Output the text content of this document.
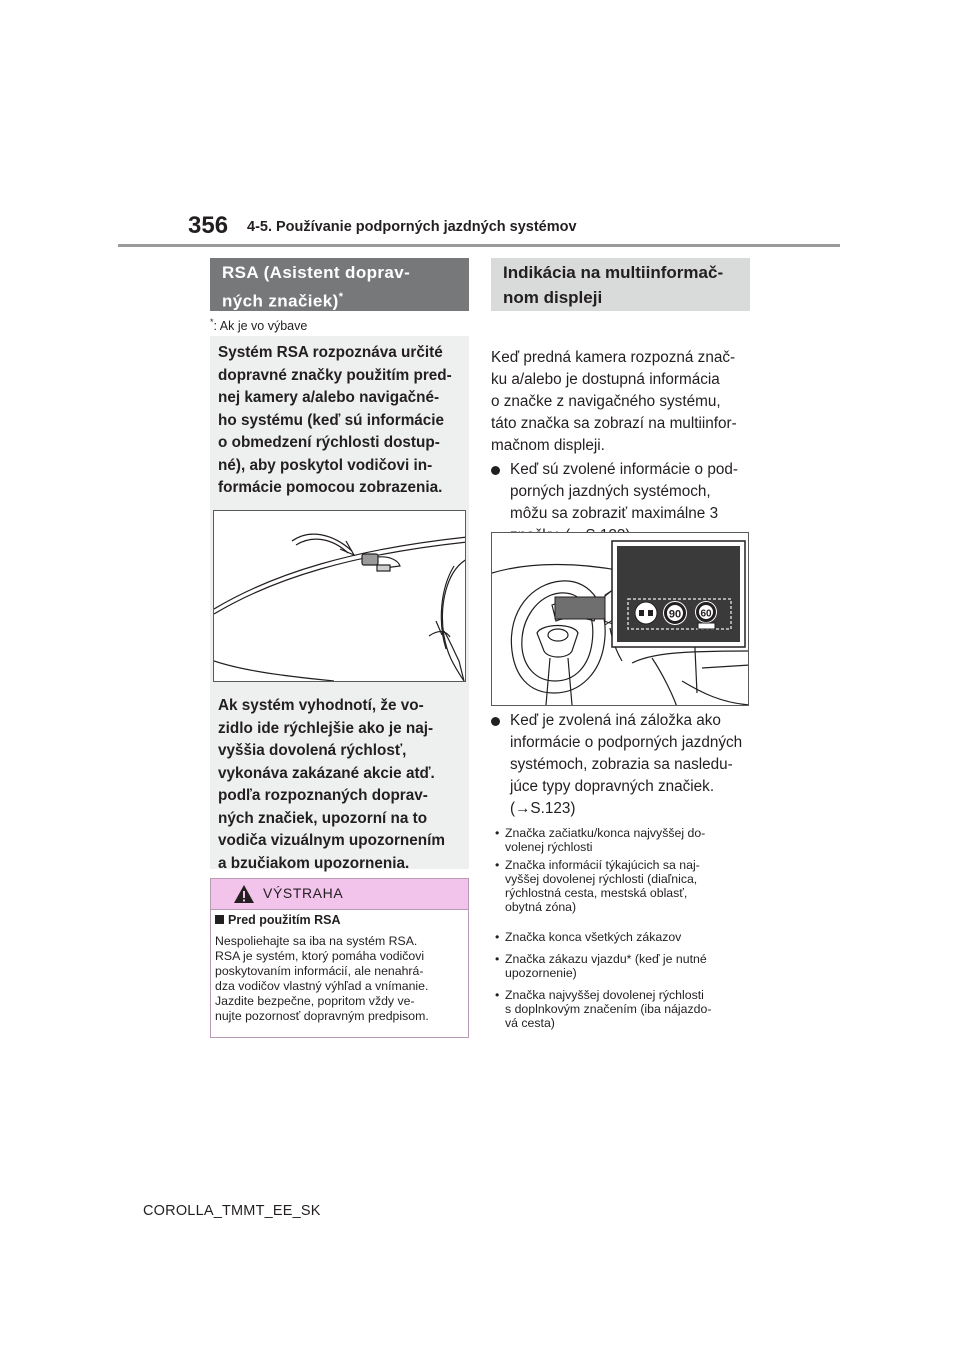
356 4-5. Používanie podporných jazdných systémov
RSA (Asistent doprav-
ných značiek)*
*: Ak je vo výbave
Systém RSA rozpoznáva určité
dopravné značky použitím pred-
nej kamery a/alebo navigačné-
ho systému (keď sú informácie
o obmedzení rýchlosti dostup-
né), aby poskytol vodičovi in-
formácie pomocou zobrazenia.
Ak systém vyhodnotí, že vo-
zidlo ide rýchlejšie ako je naj-
vyššia dovolená rýchlosť,
vykonáva zakázané akcie atď.
podľa rozpoznaných doprav-
ných značiek, upozorní na to
vodiča vizuálnym upozornením
a bzučiakom upozornenia.
VÝSTRAHA
Pred použitím RSA
Nespoliehajte sa iba na systém RSA.
RSA je systém, ktorý pomáha vodičovi
poskytovaním informácií, ale nenahrá-
dza vodičov vlastný výhľad a vnímanie.
Jazdite bezpečne, popritom vždy ve-
nujte pozornosť dopravným predpisom.
Indikácia na multiinformač-
nom displeji
Keď predná kamera rozpozná znač-
ku a/alebo je dostupná informácia
o značke z navigačného systému,
táto značka sa zobrazí na multiinfor-
mačnom displeji.
Keď sú zvolené informácie o pod-
porných jazdných systémoch,
môžu sa zobraziť maximálne 3
90 60
Keď je zvolená iná záložka ako
informácie o podporných jazdných
systémoch, zobrazia sa nasledu-
júce typy dopravných značiek.
(→S.123)
• Značka začiatku/konca najvyššej do-
volenej rýchlosti
• Značka informácií týkajúcich sa naj-
vyššej dovolenej rýchlosti (diaľnica,
rýchlostná cesta, mestská oblasť,
obytná zóna)
• Značka konca všetkých zákazov
• Značka zákazu vjazdu* (keď je nutné
upozornenie)
• Značka najvyššej dovolenej rýchlosti
s doplnkovým značením (iba nájazdo-
vá cesta)
COROLLA_TMMT_EE_SK
